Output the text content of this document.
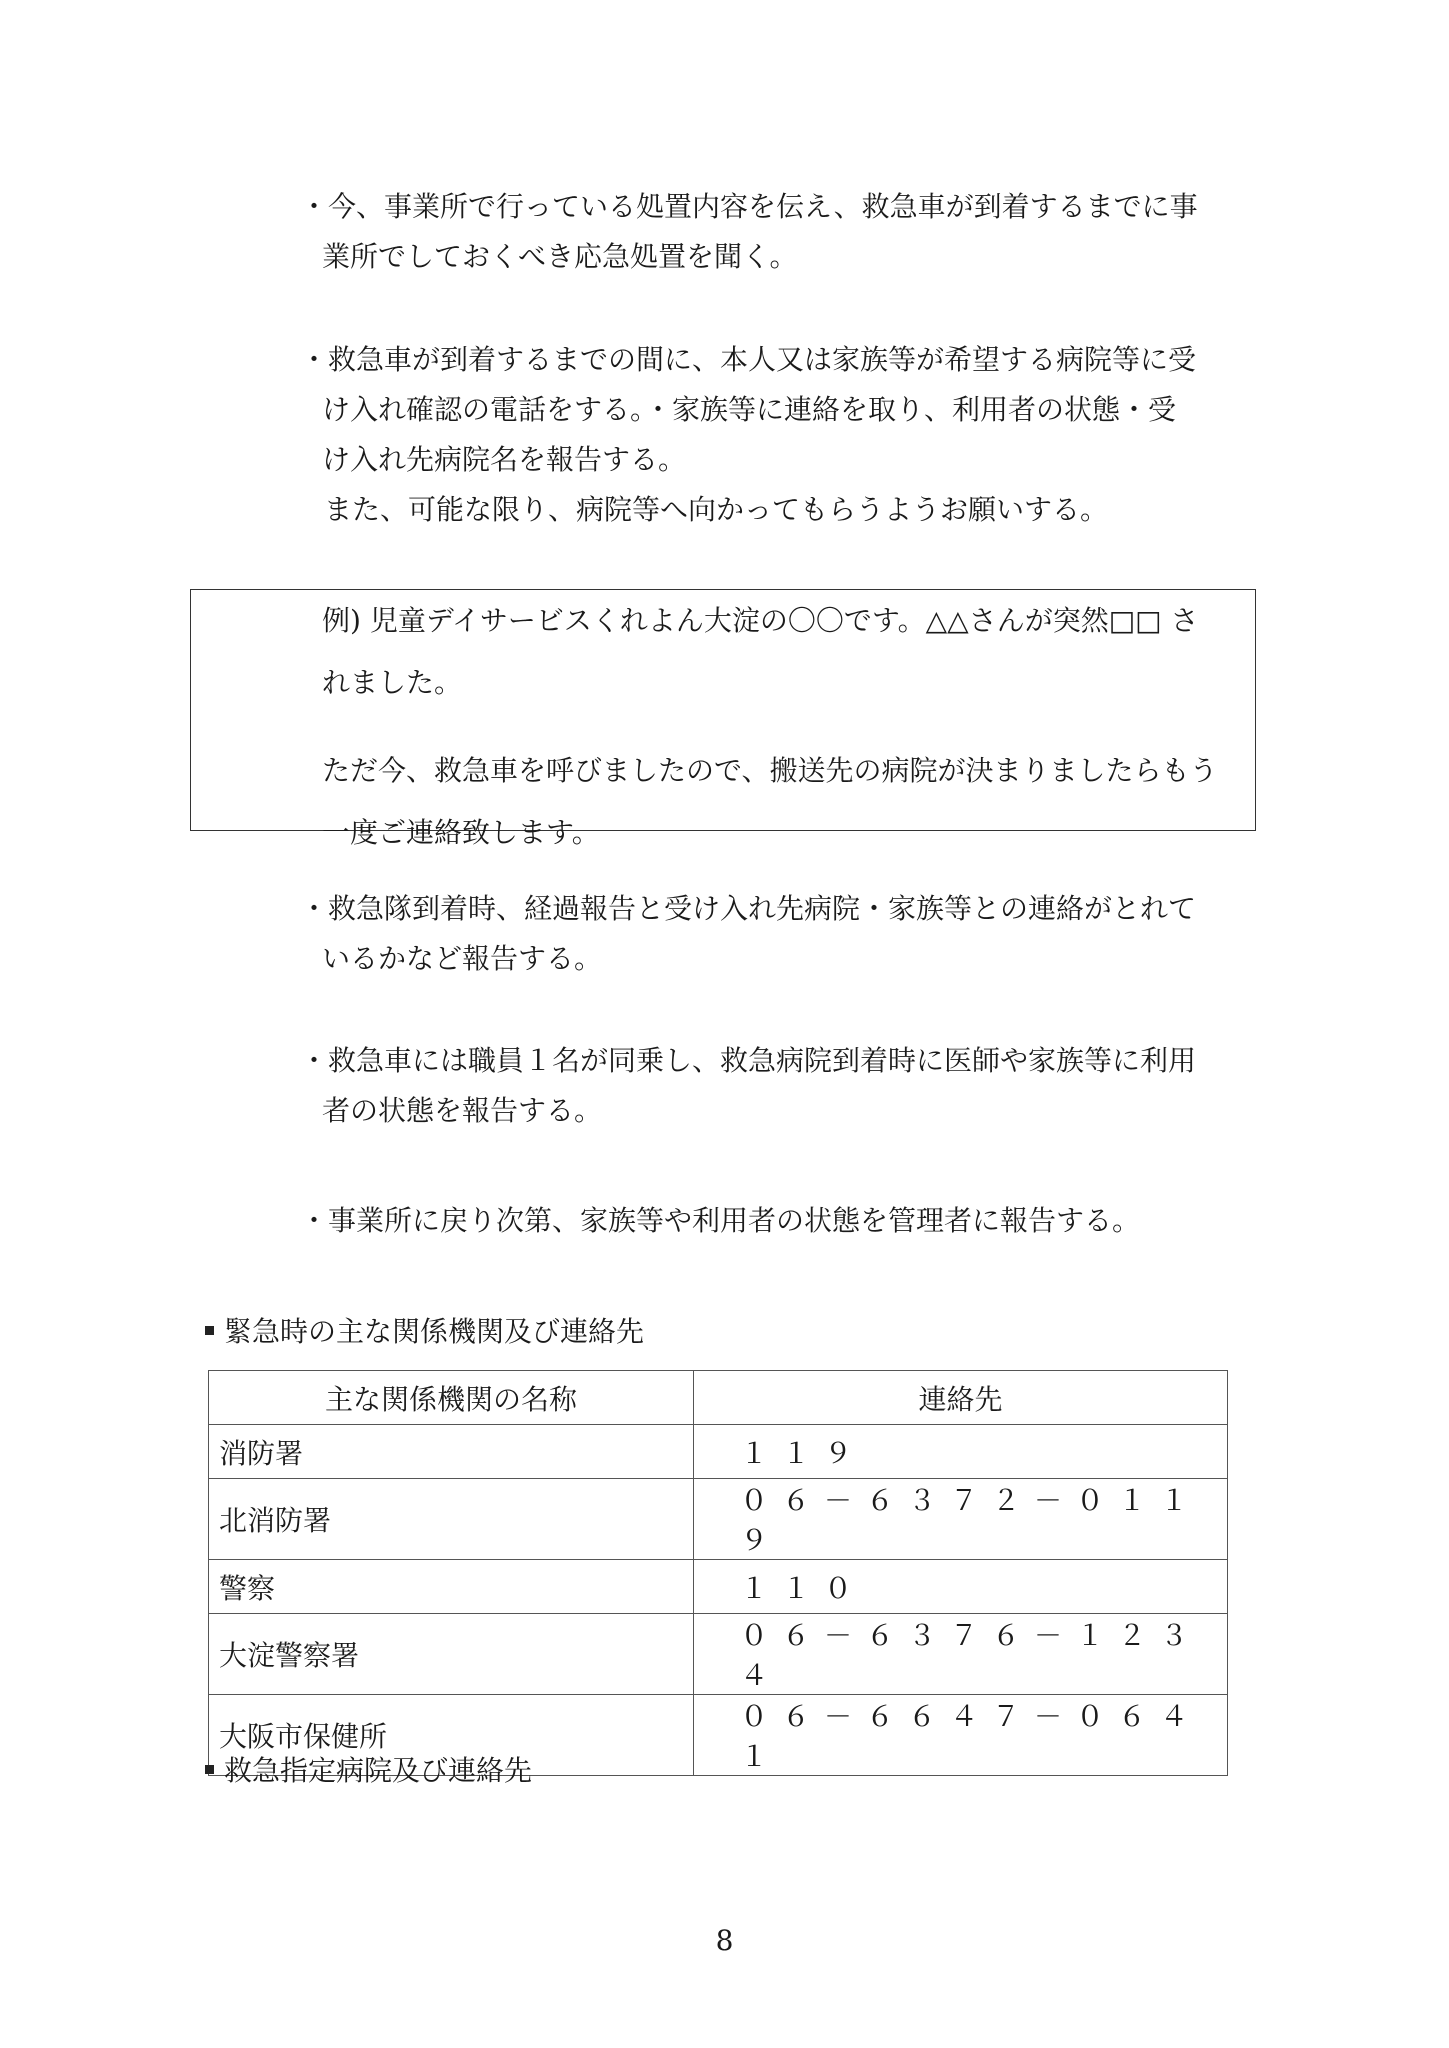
・今、事業所で行っている処置内容を伝え、救急車が到着するまでに事
業所でしておくべき応急処置を聞く。
・救急車が到着するまでの間に、本人又は家族等が希望する病院等に受
け入れ確認の電話をする。・家族等に連絡を取り、利用者の状態・受
け入れ先病院名を報告する。
また、可能な限り、病院等へ向かってもらうようお願いする。
例) 児童デイサービスくれよん大淀の〇〇です。△△さんが突然□□ さ
れました。
ただ今、救急車を呼びましたので、搬送先の病院が決まりましたらもう
一度ご連絡致します。
・救急隊到着時、経過報告と受け入れ先病院・家族等との連絡がとれて
いるかなど報告する。
・救急車には職員１名が同乗し、救急病院到着時に医師や家族等に利用
者の状態を報告する。
・事業所に戻り次第、家族等や利用者の状態を管理者に報告する。
緊急時の主な関係機関及び連絡先
主な関係機関の名称	連絡先
消防署	１１９
北消防署	０６－６３７２－０１１９
警察	１１０
大淀警察署	０６－６３７６－１２３４
大阪市保健所	０６－６６４７－０６４１
救急指定病院及び連絡先
8
